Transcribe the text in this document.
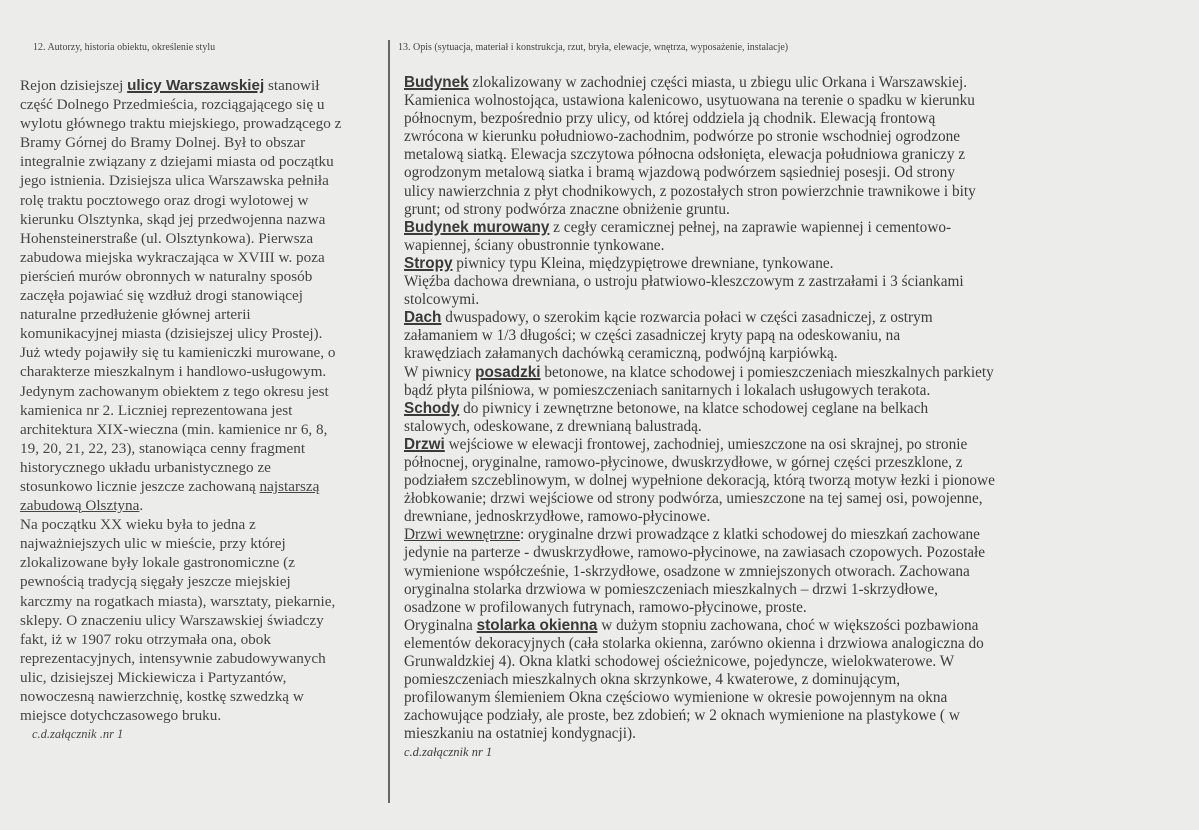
12. Autorzy, historia obiektu, określenie stylu	13. Opis (sytuacja, materiał i konstrukcja, rzut, bryła, elewacje, wnętrza, wyposażenie, instalacje)
Rejon dzisiejszej ulicy Warszawskiej stanowił
część Dolnego Przedmieścia, rozciągającego się u
wylotu głównego traktu miejskiego, prowadzącego z
Bramy Górnej do Bramy Dolnej. Był to obszar
integralnie związany z dziejami miasta od początku
jego istnienia. Dzisiejsza ulica Warszawska pełniła
rolę traktu pocztowego oraz drogi wylotowej w
kierunku Olsztynka, skąd jej przedwojenna nazwa
Hohensteinerstraße (ul. Olsztynkowa). Pierwsza
zabudowa miejska wykraczająca w XVIII w. poza
pierścień murów obronnych w naturalny sposób
zaczęła pojawiać się wzdłuż drogi stanowiącej
naturalne przedłużenie głównej arterii
komunikacyjnej miasta (dzisiejszej ulicy Prostej).
Już wtedy pojawiły się tu kamieniczki murowane, o
charakterze mieszkalnym i handlowo-usługowym.
Jedynym zachowanym obiektem z tego okresu jest
kamienica nr 2. Liczniej reprezentowana jest
architektura XIX-wieczna (min. kamienice nr 6, 8,
19, 20, 21, 22, 23), stanowiąca cenny fragment
historycznego układu urbanistycznego ze
stosunkowo licznie jeszcze zachowaną najstarszą
zabudową Olsztyna.
Na początku XX wieku była to jedna z
najważniejszych ulic w mieście, przy której
zlokalizowane były lokale gastronomiczne (z
pewnością tradycją sięgały jeszcze miejskiej
karczmy na rogatkach miasta), warsztaty, piekarnie,
sklepy. O znaczeniu ulicy Warszawskiej świadczy
fakt, iż w 1907 roku otrzymała ona, obok
reprezentacyjnych, intensywnie zabudowywanych
ulic, dzisiejszej Mickiewicza i Partyzantów,
nowoczesną nawierzchnię, kostkę szwedzką w
miejsce dotychczasowego bruku.
c.d.załącznik .nr 1
Budynek zlokalizowany w zachodniej części miasta, u zbiegu ulic Orkana i Warszawskiej.
Kamienica wolnostojąca, ustawiona kalenicowo, usytuowana na terenie o spadku w kierunku
północnym, bezpośrednio przy ulicy, od której oddziela ją chodnik. Elewacją frontową
zwrócona w kierunku południowo-zachodnim, podwórze po stronie wschodniej ogrodzone
metalową siatką. Elewacja szczytowa północna odsłonięta, elewacja południowa graniczy z
ogrodzonym metalową siatka i bramą wjazdową podwórzem sąsiedniej posesji. Od strony
ulicy nawierzchnia z płyt chodnikowych, z pozostałych stron powierzchnie trawnikowe i bity
grunt; od strony podwórza znaczne obniżenie gruntu.
Budynek murowany z cegły ceramicznej pełnej, na zaprawie wapiennej i cementowo-
wapiennej, ściany obustronnie tynkowane.
Stropy piwnicy typu Kleina, międzypiętrowe drewniane, tynkowane.
Więźba dachowa drewniana, o ustroju płatwiowo-kleszczowym z zastrzałami i 3 ściankami
stolcowymi.
Dach dwuspadowy, o szerokim kącie rozwarcia połaci w części zasadniczej, z ostrym
załamaniem w 1/3 długości; w części zasadniczej kryty papą na odeskowaniu, na
krawędziach załamanych dachówką ceramiczną, podwójną karpiówką.
W piwnicy posadzki betonowe, na klatce schodowej i pomieszczeniach mieszkalnych parkiety
bądź płyta pilśniowa, w pomieszczeniach sanitarnych i lokalach usługowych terakota.
Schody do piwnicy i zewnętrzne betonowe, na klatce schodowej ceglane na belkach
stalowych, odeskowane, z drewnianą balustradą.
Drzwi wejściowe w elewacji frontowej, zachodniej, umieszczone na osi skrajnej, po stronie
północnej, oryginalne, ramowo-płycinowe, dwuskrzydłowe, w górnej części przeszklone, z
podziałem szczeblinowym, w dolnej wypełnione dekoracją, którą tworzą motyw łezki i pionowe
żłobkowanie; drzwi wejściowe od strony podwórza, umieszczone na tej samej osi, powojenne,
drewniane, jednoskrzydłowe, ramowo-płycinowe.
Drzwi wewnętrzne: oryginalne drzwi prowadzące z klatki schodowej do mieszkań zachowane
jedynie na parterze - dwuskrzydłowe, ramowo-płycinowe, na zawiasach czopowych. Pozostałe
wymienione współcześnie, 1-skrzydłowe, osadzone w zmniejszonych otworach. Zachowana
oryginalna stolarka drzwiowa w pomieszczeniach mieszkalnych – drzwi 1-skrzydłowe,
osadzone w profilowanych futrynach, ramowo-płycinowe, proste.
Oryginalna stolarka okienna w dużym stopniu zachowana, choć w większości pozbawiona
elementów dekoracyjnych (cała stolarka okienna, zarówno okienna i drzwiowa analogiczna do
Grunwaldzkiej 4). Okna klatki schodowej ościeżnicowe, pojedyncze, wielokwaterowe. W
pomieszczeniach mieszkalnych okna skrzynkowe, 4 kwaterowe, z dominującym,
profilowanym ślemieniem Okna częściowo wymienione w okresie powojennym na okna
zachowujące podziały, ale proste, bez zdobień; w 2 oknach wymienione na plastykowe ( w
mieszkaniu na ostatniej kondygnacji).
c.d.załącznik nr 1
